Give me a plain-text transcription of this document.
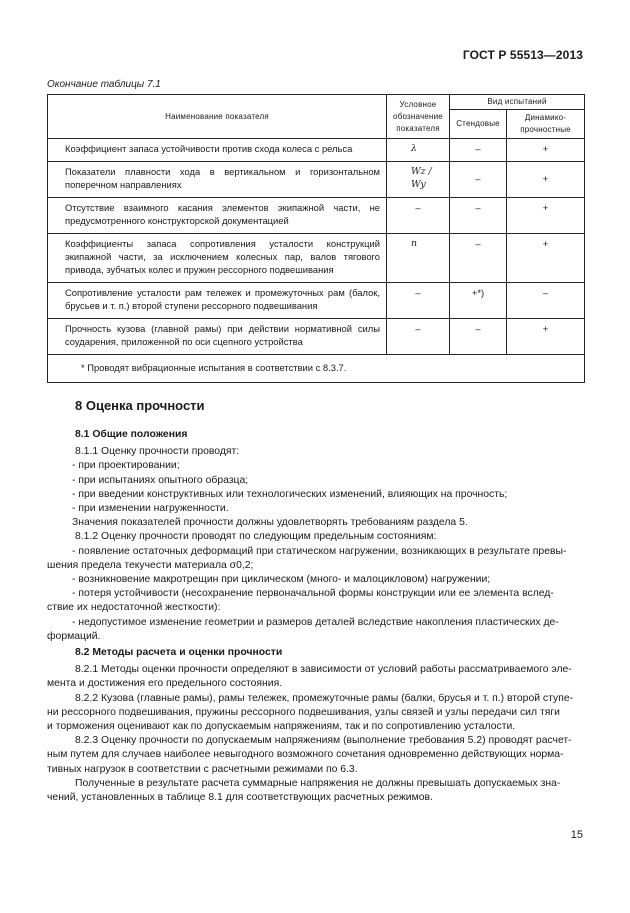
ГОСТ Р 55513—2013
Окончание таблицы 7.1
Наименование показателя	Условное обозначение показателя	Вид испытаний	
		Стендовые	Динамико-прочностные
Коэффициент запаса устойчивости против схода колеса с рельса	λ	–	+
Показатели плавности хода в вертикальном и горизонтальном поперечном направлениях	Wz / Wy	–	+
Отсутствие взаимного касания элементов экипажной части, не предусмотренного конструкторской документацией	–	–	+
Коэффициенты запаса сопротивления усталости конструкций экипажной части, за исключением колесных пар, валов тягового привода, зубчатых колес и пружин рессорного подвешивания	n	–	+
Сопротивление усталости рам тележек и промежуточных рам (балок, брусьев и т. п.) второй ступени рессорного подвешивания	–	+*)	–
Прочность кузова (главной рамы) при действии нормативной силы соударения, приложенной по оси сцепного устройства	–	–	+
* Проводят вибрационные испытания в соответствии с 8.3.7.			
8 Оценка прочности

8.1 Общие положения

8.1.1 Оценку прочности проводят:

- при проектировании;

- при испытаниях опытного образца;

- при введении конструктивных или технологических изменений, влияющих на прочность;

- при изменении нагруженности.

Значения показателей прочности должны удовлетворять требованиям раздела 5.

8.1.2 Оценку прочности проводят по следующим предельным состояниям:

- появление остаточных деформаций при статическом нагружении, возникающих в результате превы-

шения предела текучести материала σ0,2;

- возникновение макротрещин при циклическом (много- и малоцикловом) нагружении;

- потеря устойчивости (несохранение первоначальной формы конструкции или ее элемента вслед-

ствие их недостаточной жесткости):

- недопустимое изменение геометрии и размеров деталей вследствие накопления пластических де-

формаций.

8.2 Методы расчета и оценки прочности

8.2.1 Методы оценки прочности определяют в зависимости от условий работы рассматриваемого эле-

мента и достижения его предельного состояния.

8.2.2 Кузова (главные рамы), рамы тележек, промежуточные рамы (балки, брусья и т. п.) второй ступе-

ни рессорного подвешивания, пружины рессорного подвешивания, узлы связей и узлы передачи сил тяги

и торможения оценивают как по допускаемым напряжениям, так и по сопротивлению усталости.

8.2.3 Оценку прочности по допускаемым напряжениям (выполнение требования 5.2) проводят расчет-

ным путем для случаев наиболее невыгодного возможного сочетания одновременно действующих норма-

тивных нагрузок в соответствии с расчетными режимами по 6.3.

Полученные в результате расчета суммарные напряжения не должны превышать допускаемых зна-

чений, установленных в таблице 8.1 для соответствующих расчетных режимов.

15
